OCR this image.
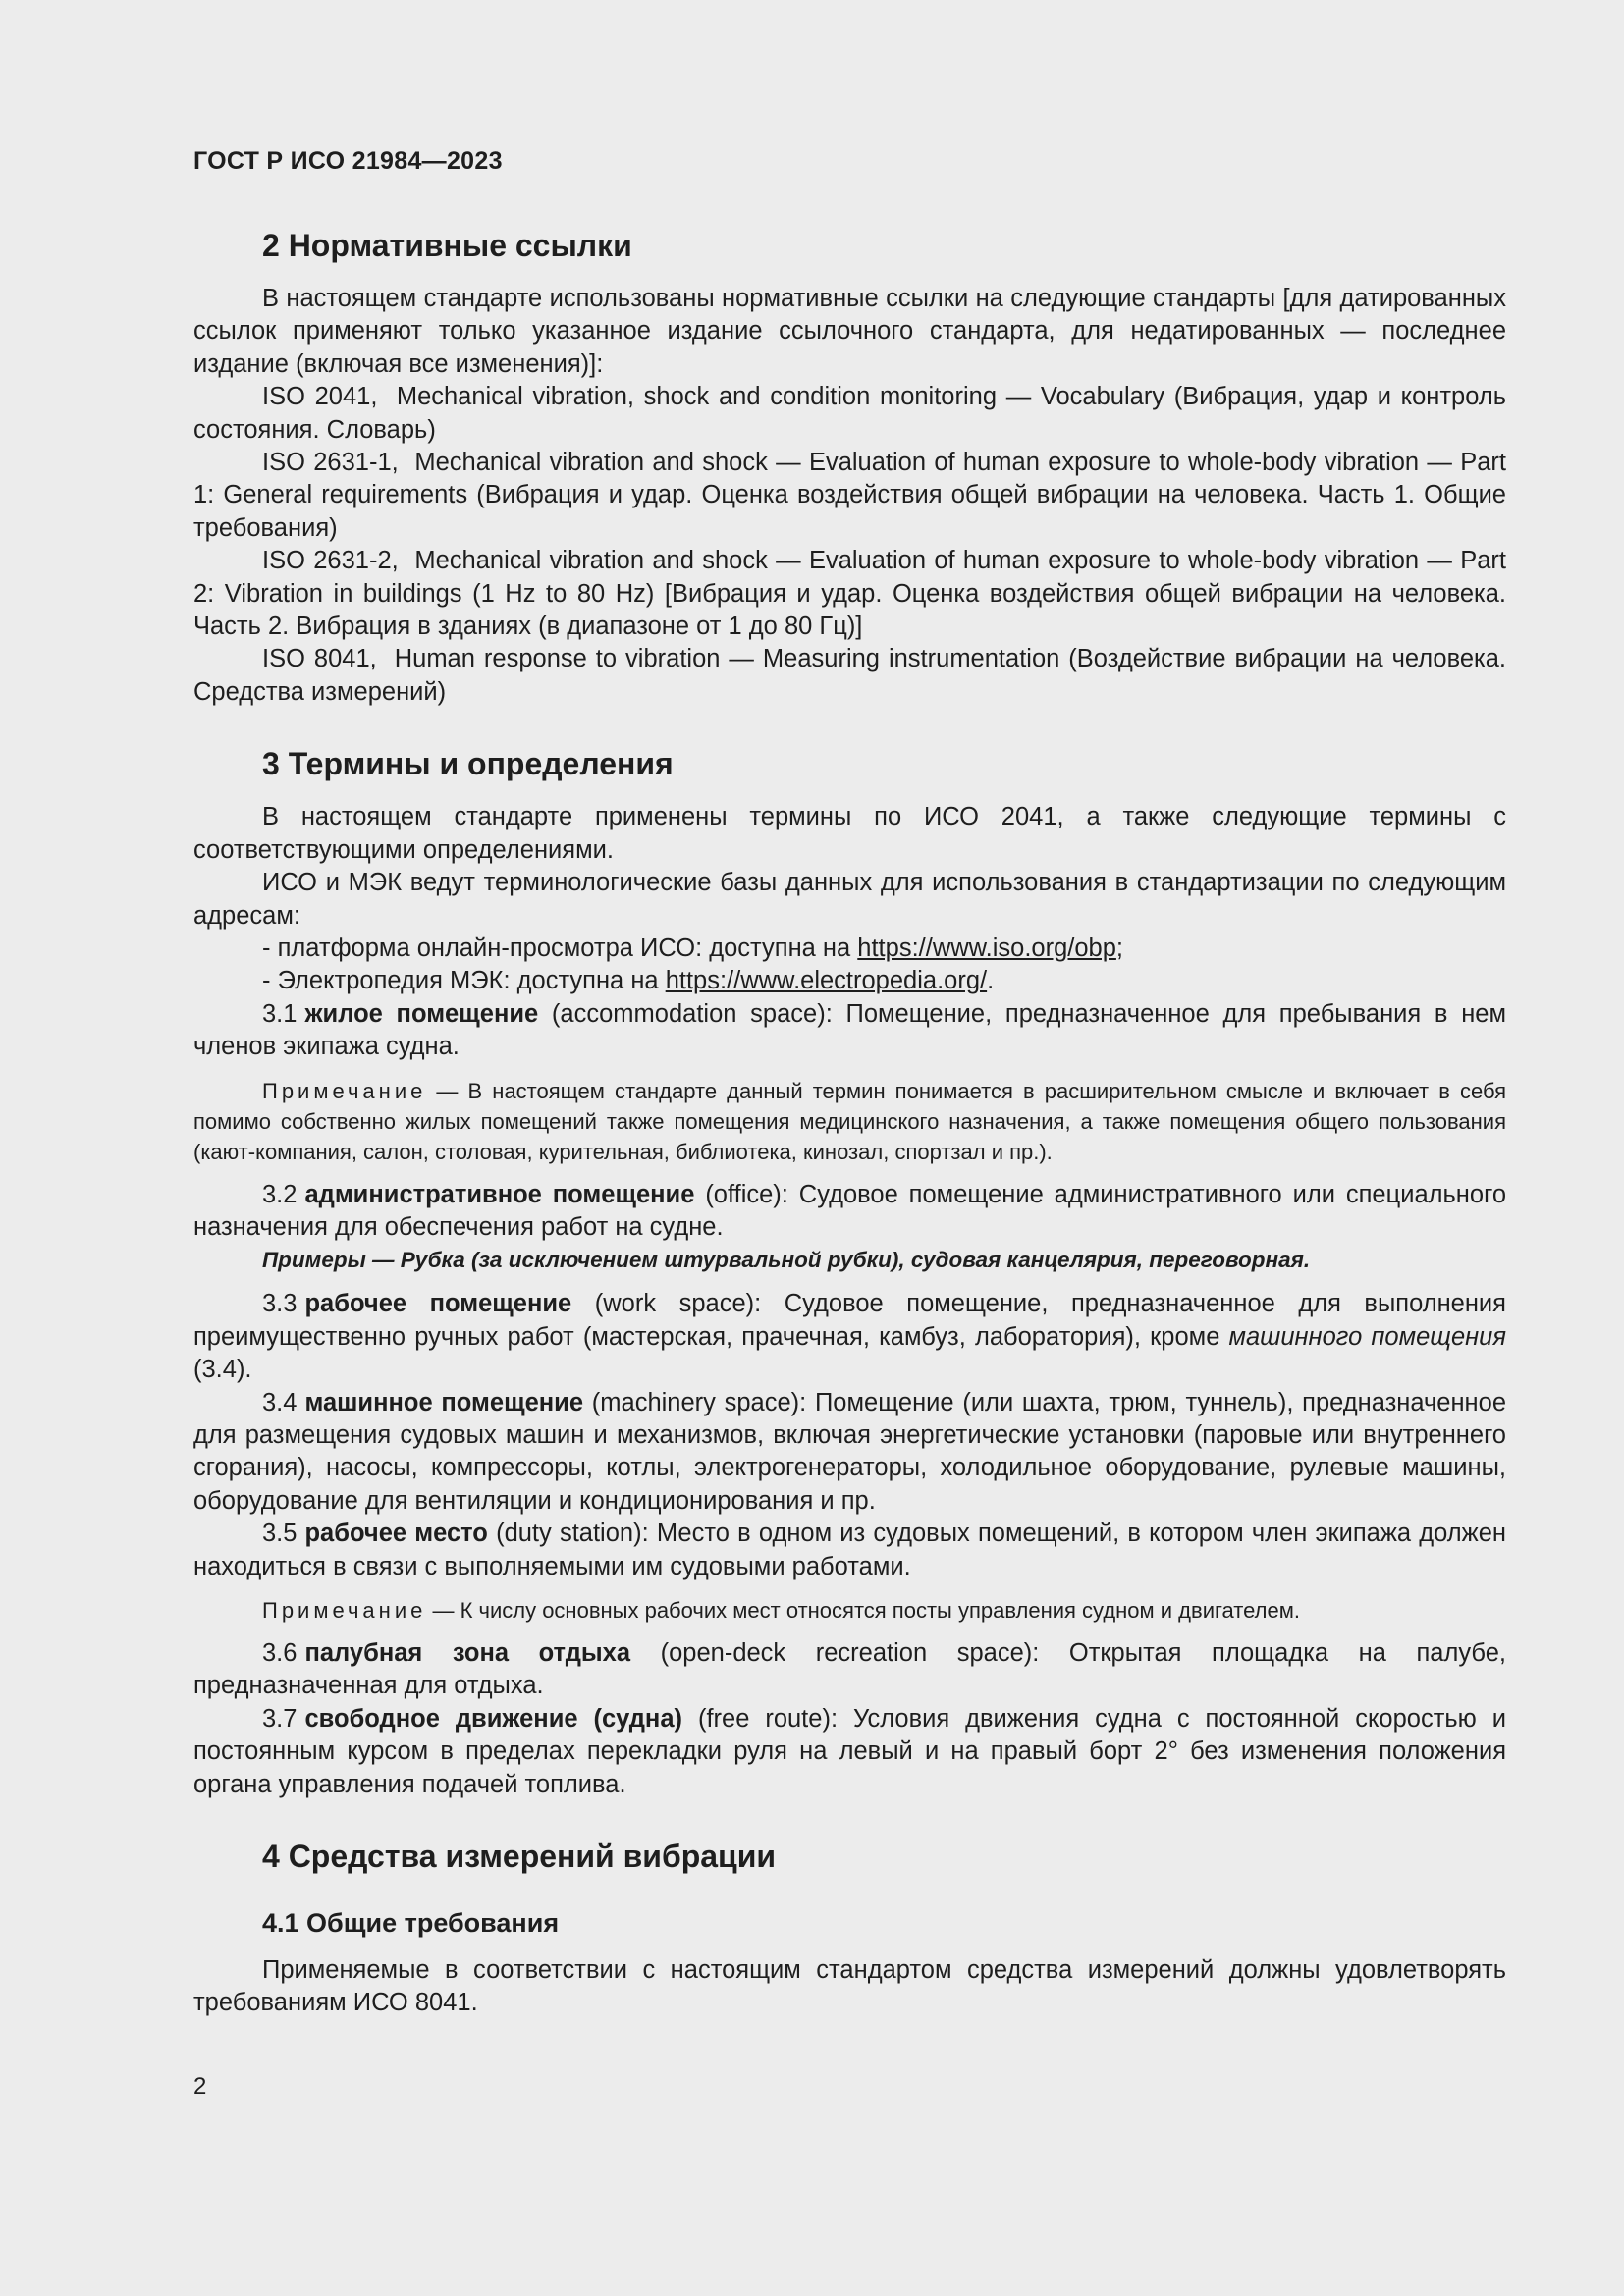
ГОСТ Р ИСО 21984—2023
2 Нормативные ссылки

В настоящем стандарте использованы нормативные ссылки на следующие стандарты [для датированных ссылок применяют только указанное издание ссылочного стандарта, для недатированных — последнее издание (включая все изменения)]:

ISO 2041, Mechanical vibration, shock and condition monitoring — Vocabulary (Вибрация, удар и контроль состояния. Словарь)

ISO 2631-1, Mechanical vibration and shock — Evaluation of human exposure to whole-body vibration — Part 1: General requirements (Вибрация и удар. Оценка воздействия общей вибрации на человека. Часть 1. Общие требования)

ISO 2631-2, Mechanical vibration and shock — Evaluation of human exposure to whole-body vibration — Part 2: Vibration in buildings (1 Hz to 80 Hz) [Вибрация и удар. Оценка воздействия общей вибрации на человека. Часть 2. Вибрация в зданиях (в диапазоне от 1 до 80 Гц)]

ISO 8041, Human response to vibration — Measuring instrumentation (Воздействие вибрации на человека. Средства измерений)

3 Термины и определения

В настоящем стандарте применены термины по ИСО 2041, а также следующие термины с соответствующими определениями.

ИСО и МЭК ведут терминологические базы данных для использования в стандартизации по следующим адресам:

- платформа онлайн-просмотра ИСО: доступна на https://www.iso.org/obp;

- Электропедия МЭК: доступна на https://www.electropedia.org/.

3.1 жилое помещение (accommodation space): Помещение, предназначенное для пребывания в нем членов экипажа судна.

Примечание — В настоящем стандарте данный термин понимается в расширительном смысле и включает в себя помимо собственно жилых помещений также помещения медицинского назначения, а также помещения общего пользования (кают-компания, салон, столовая, курительная, библиотека, кинозал, спортзал и пр.).

3.2 административное помещение (office): Судовое помещение административного или специального назначения для обеспечения работ на судне.

Примеры — Рубка (за исключением штурвальной рубки), судовая канцелярия, переговорная.

3.3 рабочее помещение (work space): Судовое помещение, предназначенное для выполнения преимущественно ручных работ (мастерская, прачечная, камбуз, лаборатория), кроме машинного помещения (3.4).

3.4 машинное помещение (machinery space): Помещение (или шахта, трюм, туннель), предназначенное для размещения судовых машин и механизмов, включая энергетические установки (паровые или внутреннего сгорания), насосы, компрессоры, котлы, электрогенераторы, холодильное оборудование, рулевые машины, оборудование для вентиляции и кондиционирования и пр.

3.5 рабочее место (duty station): Место в одном из судовых помещений, в котором член экипажа должен находиться в связи с выполняемыми им судовыми работами.

Примечание — К числу основных рабочих мест относятся посты управления судном и двигателем.

3.6 палубная зона отдыха (open-deck recreation space): Открытая площадка на палубе, предназначенная для отдыха.

3.7 свободное движение (судна) (free route): Условия движения судна с постоянной скоростью и постоянным курсом в пределах перекладки руля на левый и на правый борт 2° без изменения положения органа управления подачей топлива.

4 Средства измерений вибрации
4.1 Общие требования

Применяемые в соответствии с настоящим стандартом средства измерений должны удовлетворять требованиям ИСО 8041.

2
